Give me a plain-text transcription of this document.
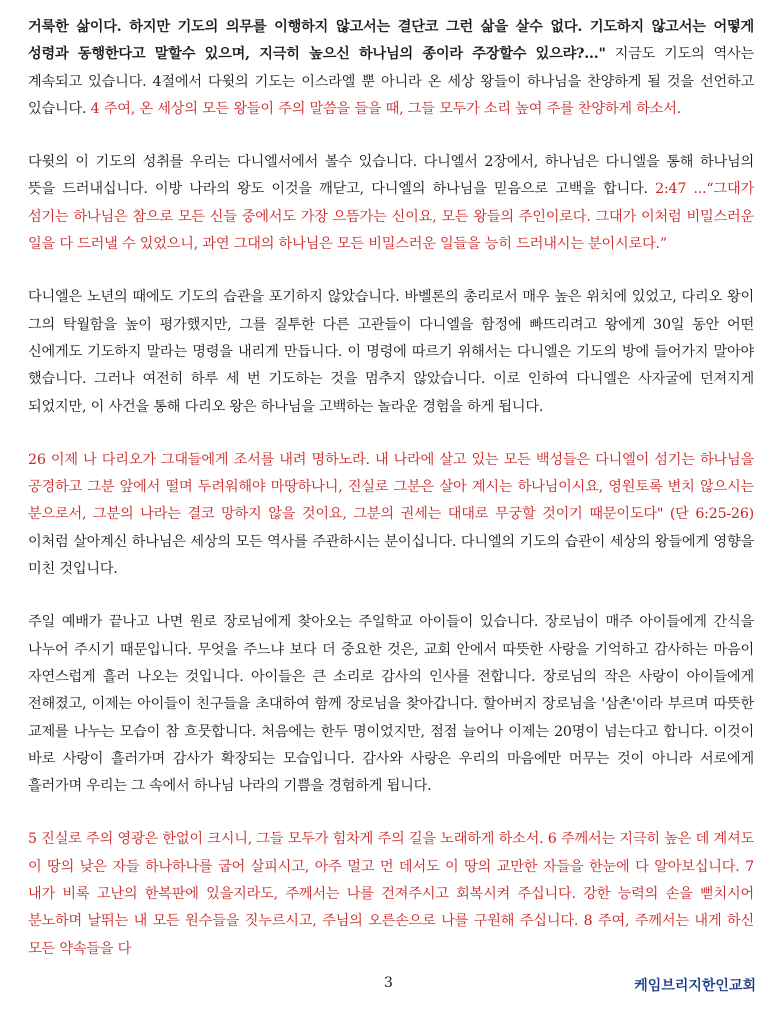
거룩한 삶이다. 하지만 기도의 의무를 이행하지 않고서는 결단코 그런 삶을 살수 없다. 기도하지 않고서는 어떻게 성령과 동행한다고 말할수 있으며, 지극히 높으신 하나님의 종이라 주장할수 있으랴?..." 지금도 기도의 역사는 계속되고 있습니다. 4절에서 다윗의 기도는 이스라엘 뿐 아니라 온 세상 왕들이 하나님을 찬양하게 될 것을 선언하고 있습니다. 4 주여, 온 세상의 모든 왕들이 주의 말씀을 들을 때, 그들 모두가 소리 높여 주를 찬양하게 하소서.

다윗의 이 기도의 성취를 우리는 다니엘서에서 볼수 있습니다. 다니엘서 2장에서, 하나님은 다니엘을 통해 하나님의 뜻을 드러내십니다. 이방 나라의 왕도 이것을 깨닫고, 다니엘의 하나님을 믿음으로 고백을 합니다. 2:47 ...“그대가 섬기는 하나님은 참으로 모든 신들 중에서도 가장 으뜸가는 신이요, 모든 왕들의 주인이로다. 그대가 이처럼 비밀스러운 일을 다 드러낼 수 있었으니, 과연 그대의 하나님은 모든 비밀스러운 일들을 능히 드러내시는 분이시로다.”

다니엘은 노년의 때에도 기도의 습관을 포기하지 않았습니다. 바벨론의 총리로서 매우 높은 위치에 있었고, 다리오 왕이 그의 탁월함을 높이 평가했지만, 그를 질투한 다른 고관들이 다니엘을 함정에 빠뜨리려고 왕에게 30일 동안 어떤 신에게도 기도하지 말라는 명령을 내리게 만듭니다. 이 명령에 따르기 위해서는 다니엘은 기도의 방에 들어가지 말아야 했습니다. 그러나 여전히 하루 세 번 기도하는 것을 멈추지 않았습니다. 이로 인하여 다니엘은 사자굴에 던져지게 되었지만, 이 사건을 통해 다리오 왕은 하나님을 고백하는 놀라운 경험을 하게 됩니다.

26 이제 나 다리오가 그대들에게 조서를 내려 명하노라. 내 나라에 살고 있는 모든 백성들은 다니엘이 섬기는 하나님을 공경하고 그분 앞에서 떨며 두려워해야 마땅하나니, 진실로 그분은 살아 계시는 하나님이시요, 영원토록 변치 않으시는 분으로서, 그분의 나라는 결코 망하지 않을 것이요, 그분의 권세는 대대로 무궁할 것이기 때문이도다" (단 6:25-26) 이처럼 살아계신 하나님은 세상의 모든 역사를 주관하시는 분이십니다. 다니엘의 기도의 습관이 세상의 왕들에게 영향을 미친 것입니다.

주일 예배가 끝나고 나면 원로 장로님에게 찾아오는 주일학교 아이들이 있습니다. 장로님이 매주 아이들에게 간식을 나누어 주시기 때문입니다. 무엇을 주느냐 보다 더 중요한 것은, 교회 안에서 따뜻한 사랑을 기억하고 감사하는 마음이 자연스럽게 흘러 나오는 것입니다. 아이들은 큰 소리로 감사의 인사를 전합니다. 장로님의 작은 사랑이 아이들에게 전해졌고, 이제는 아이들이 친구들을 초대하여 함께 장로님을 찾아갑니다. 할아버지 장로님을 '삼촌'이라 부르며 따뜻한 교제를 나누는 모습이 참 흐뭇합니다. 처음에는 한두 명이었지만, 점점 늘어나 이제는 20명이 넘는다고 합니다. 이것이 바로 사랑이 흘러가며 감사가 확장되는 모습입니다. 감사와 사랑은 우리의 마음에만 머무는 것이 아니라 서로에게 흘러가며 우리는 그 속에서 하나님 나라의 기쁨을 경험하게 됩니다.

5 진실로 주의 영광은 한없이 크시니, 그들 모두가 힘차게 주의 길을 노래하게 하소서. 6 주께서는 지극히 높은 데 계셔도 이 땅의 낮은 자들 하나하나를 굽어 살피시고, 아주 멀고 먼 데서도 이 땅의 교만한 자들을 한눈에 다 알아보십니다. 7 내가 비록 고난의 한복판에 있을지라도, 주께서는 나를 건져주시고 회복시켜 주십니다. 강한 능력의 손을 뻗치시어 분노하며 날뛰는 내 모든 원수들을 짓누르시고, 주님의 오른손으로 나를 구원해 주십니다. 8 주여, 주께서는 내게 하신 모든 약속들을 다

3	케임브리지한인교회
